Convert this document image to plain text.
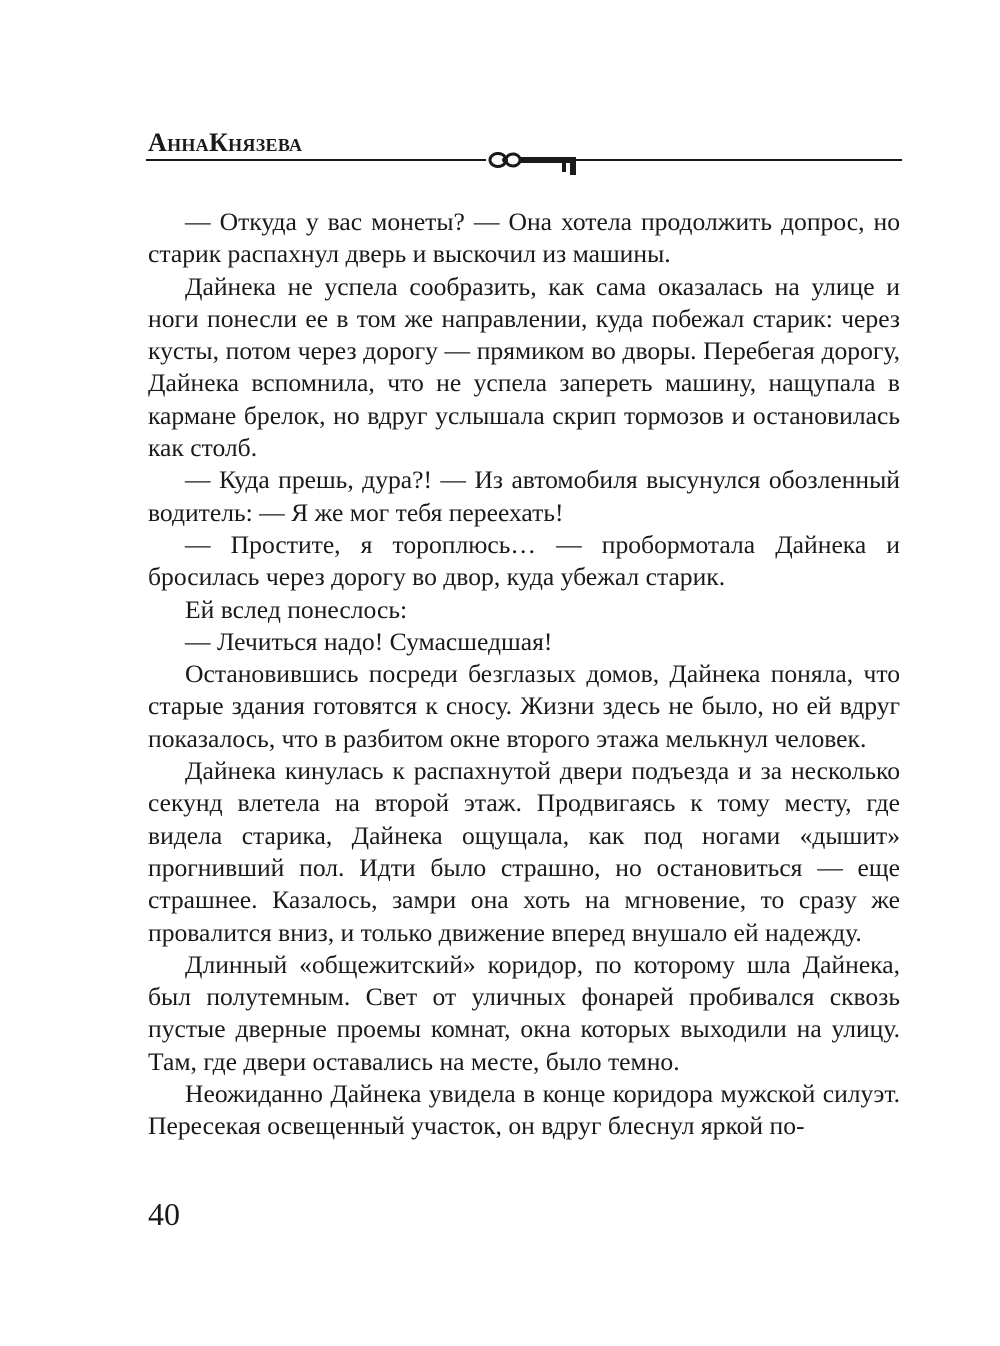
АннаКнязева

— Откуда у вас монеты? — Она хотела продолжить допрос, но старик распахнул дверь и выскочил из машины.

Дайнека не успела сообразить, как сама оказалась на улице и ноги понесли ее в том же направлении, куда побежал старик: через кусты, потом через дорогу — прямиком во дворы. Перебегая дорогу, Дайнека вспомнила, что не успела запереть машину, нащупала в кармане брелок, но вдруг услышала скрип тормозов и остановилась как столб.

— Куда прешь, дура?! — Из автомобиля высунулся обозленный водитель: — Я же мог тебя переехать!

— Простите, я тороплюсь… — пробормотала Дайнека и бросилась через дорогу во двор, куда убежал старик.

Ей вслед понеслось:

— Лечиться надо! Сумасшедшая!

Остановившись посреди безглазых домов, Дайнека поняла, что старые здания готовятся к сносу. Жизни здесь не было, но ей вдруг показалось, что в разбитом окне второго этажа мелькнул человек.

Дайнека кинулась к распахнутой двери подъезда и за несколько секунд влетела на второй этаж. Продвигаясь к тому месту, где видела старика, Дайнека ощущала, как под ногами «дышит» прогнивший пол. Идти было страшно, но остановиться — еще страшнее. Казалось, замри она хоть на мгновение, то сразу же провалится вниз, и только движение вперед внушало ей надежду.

Длинный «общежитский» коридор, по которому шла Дайнека, был полутемным. Свет от уличных фонарей пробивался сквозь пустые дверные проемы комнат, окна которых выходили на улицу. Там, где двери оставались на месте, было темно.

Неожиданно Дайнека увидела в конце коридора мужской силуэт. Пересекая освещенный участок, он вдруг блеснул яркой по-

40
